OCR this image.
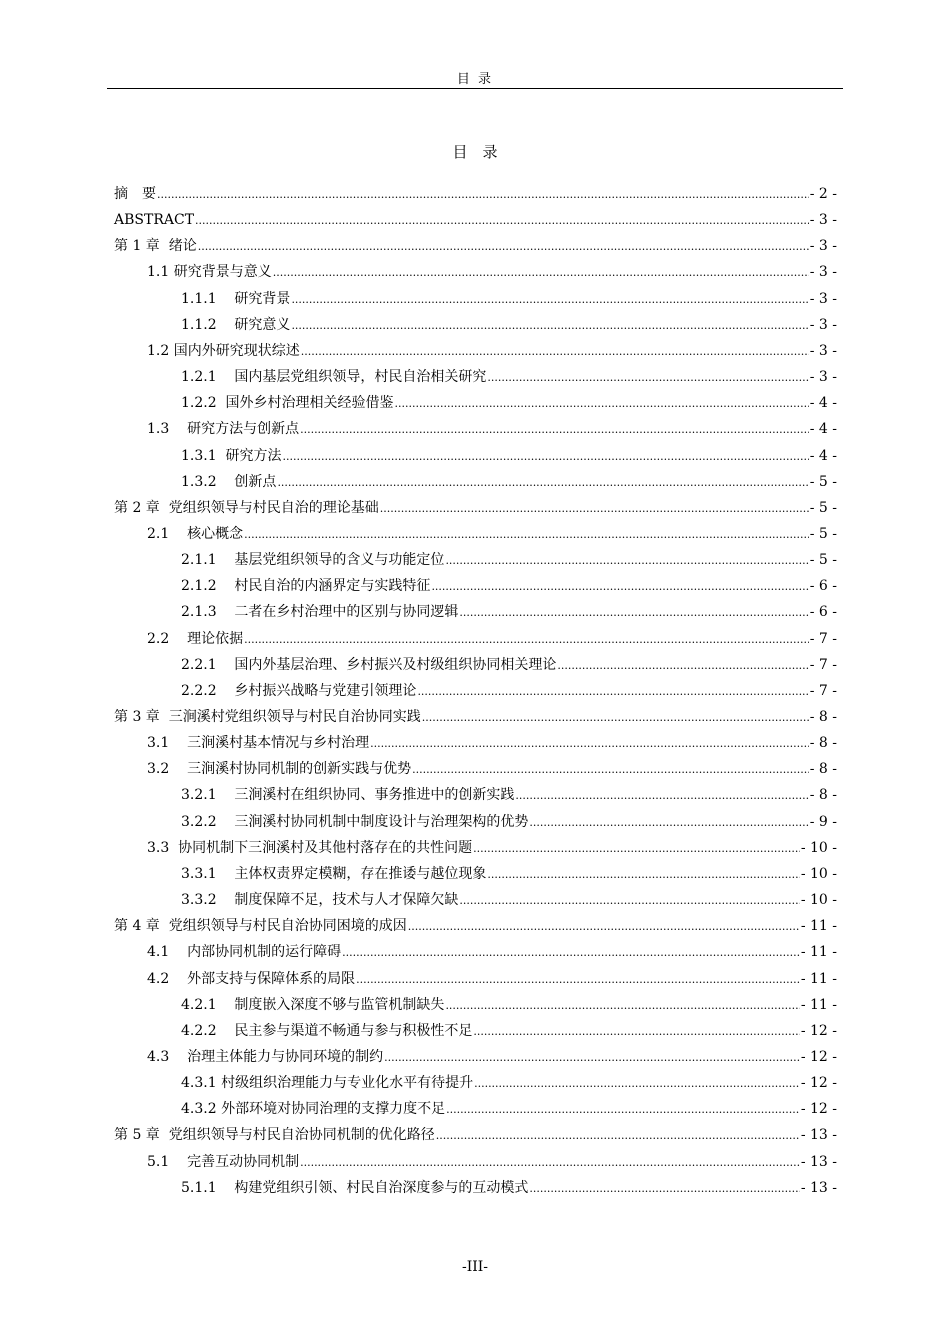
目 录
目　录
摘　要 .....	- 2 -
ABSTRACT .....	- 3 -
第 1 章  绪论 .....	- 3 -
1.1 研究背景与意义 .....	- 3 -
1.1.1    研究背景 .....	- 3 -
1.1.2    研究意义 .....	- 3 -
1.2 国内外研究现状综述 .....	- 3 -
1.2.1    国内基层党组织领导，村民自治相关研究 .....	- 3 -
1.2.2  国外乡村治理相关经验借鉴 .....	- 4 -
1.3    研究方法与创新点 .....	- 4 -
1.3.1  研究方法 .....	- 4 -
1.3.2    创新点 .....	- 5 -
第 2 章  党组织领导与村民自治的理论基础 .....	- 5 -
2.1    核心概念 .....	- 5 -
2.1.1    基层党组织领导的含义与功能定位 .....	- 5 -
2.1.2    村民自治的内涵界定与实践特征 .....	- 6 -
2.1.3    二者在乡村治理中的区别与协同逻辑 .....	- 6 -
2.2    理论依据 .....	- 7 -
2.2.1    国内外基层治理、乡村振兴及村级组织协同相关理论 .....	- 7 -
2.2.2    乡村振兴战略与党建引领理论 .....	- 7 -
第 3 章  三涧溪村党组织领导与村民自治协同实践 .....	- 8 -
3.1    三涧溪村基本情况与乡村治理 .....	- 8 -
3.2    三涧溪村协同机制的创新实践与优势 .....	- 8 -
3.2.1    三涧溪村在组织协同、事务推进中的创新实践 .....	- 8 -
3.2.2    三涧溪村协同机制中制度设计与治理架构的优势 .....	- 9 -
3.3  协同机制下三涧溪村及其他村落存在的共性问题 .....	- 10 -
3.3.1    主体权责界定模糊，存在推诿与越位现象 .....	- 10 -
3.3.2    制度保障不足，技术与人才保障欠缺 .....	- 10 -
第 4 章  党组织领导与村民自治协同困境的成因 .....	- 11 -
4.1    内部协同机制的运行障碍 .....	- 11 -
4.2    外部支持与保障体系的局限 .....	- 11 -
4.2.1    制度嵌入深度不够与监管机制缺失 .....	- 11 -
4.2.2    民主参与渠道不畅通与参与积极性不足 .....	- 12 -
4.3    治理主体能力与协同环境的制约 .....	- 12 -
4.3.1 村级组织治理能力与专业化水平有待提升 .....	- 12 -
4.3.2 外部环境对协同治理的支撑力度不足 .....	- 12 -
第 5 章  党组织领导与村民自治协同机制的优化路径 .....	- 13 -
5.1    完善互动协同机制 .....	- 13 -
5.1.1    构建党组织引领、村民自治深度参与的互动模式 .....	- 13 -
-III-
